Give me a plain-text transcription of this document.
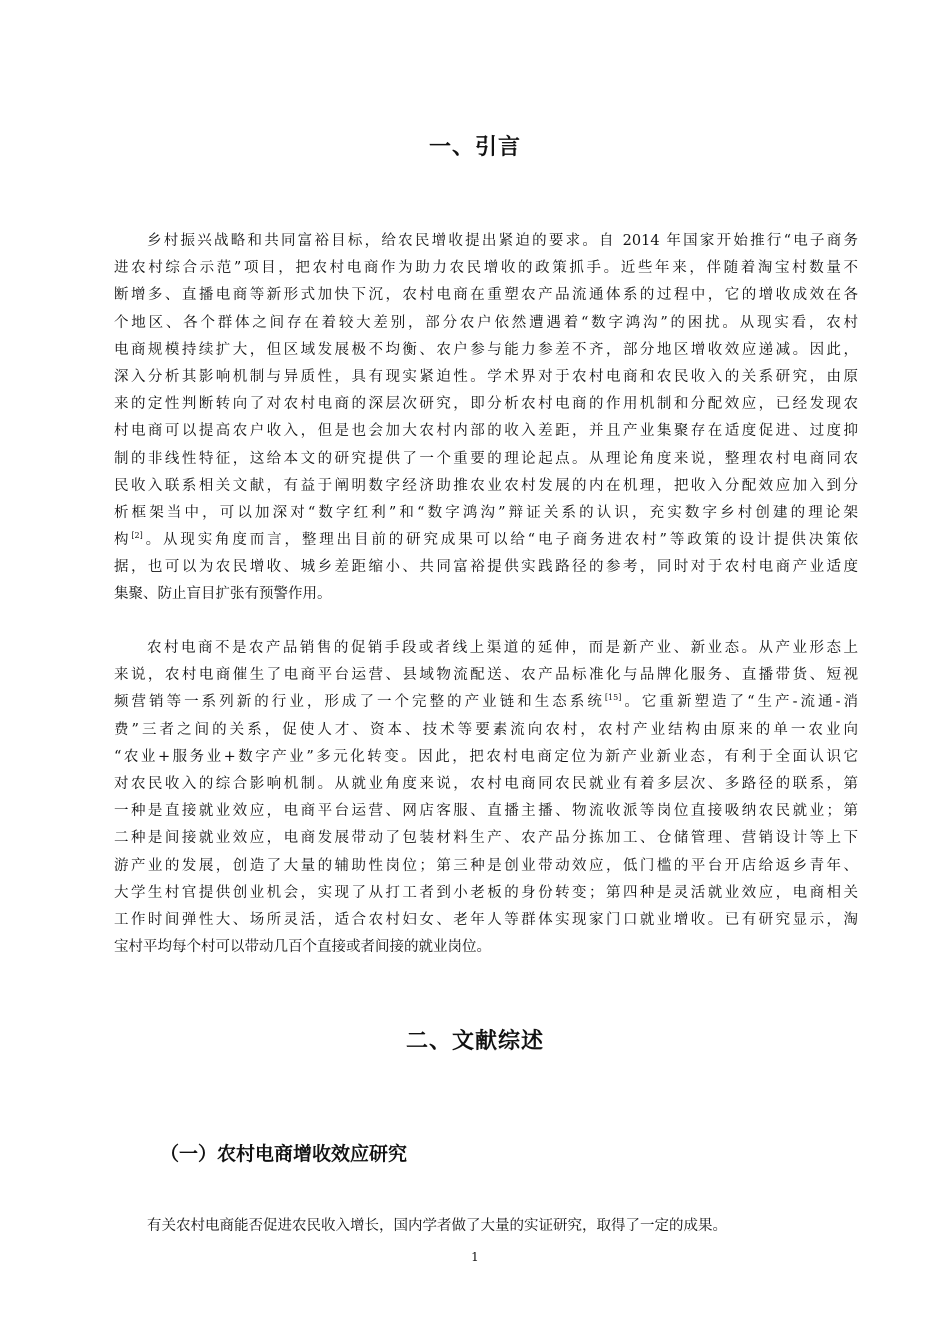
一、引言
乡村振兴战略和共同富裕目标，给农民增收提出紧迫的要求。自 2014 年国家开始推行“电子商务
进农村综合示范”项目，把农村电商作为助力农民增收的政策抓手。近些年来，伴随着淘宝村数量不
断增多、直播电商等新形式加快下沉，农村电商在重塑农产品流通体系的过程中，它的增收成效在各
个地区、各个群体之间存在着较大差别，部分农户依然遭遇着“数字鸿沟”的困扰。从现实看，农村
电商规模持续扩大，但区域发展极不均衡、农户参与能力参差不齐，部分地区增收效应递减。因此，
深入分析其影响机制与异质性，具有现实紧迫性。学术界对于农村电商和农民收入的关系研究，由原
来的定性判断转向了对农村电商的深层次研究，即分析农村电商的作用机制和分配效应，已经发现农
村电商可以提高农户收入，但是也会加大农村内部的收入差距，并且产业集聚存在适度促进、过度抑
制的非线性特征，这给本文的研究提供了一个重要的理论起点。从理论角度来说，整理农村电商同农
民收入联系相关文献，有益于阐明数字经济助推农业农村发展的内在机理，把收入分配效应加入到分
析框架当中，可以加深对“数字红利”和“数字鸿沟”辩证关系的认识，充实数字乡村创建的理论架
构[2]。从现实角度而言，整理出目前的研究成果可以给“电子商务进农村”等政策的设计提供决策依
据，也可以为农民增收、城乡差距缩小、共同富裕提供实践路径的参考，同时对于农村电商产业适度
集聚、防止盲目扩张有预警作用。
农村电商不是农产品销售的促销手段或者线上渠道的延伸，而是新产业、新业态。从产业形态上
来说，农村电商催生了电商平台运营、县域物流配送、农产品标准化与品牌化服务、直播带货、短视
频营销等一系列新的行业，形成了一个完整的产业链和生态系统[15]。它重新塑造了“生产-流通-消
费”三者之间的关系，促使人才、资本、技术等要素流向农村，农村产业结构由原来的单一农业向
“农业+服务业+数字产业”多元化转变。因此，把农村电商定位为新产业新业态，有利于全面认识它
对农民收入的综合影响机制。从就业角度来说，农村电商同农民就业有着多层次、多路径的联系，第
一种是直接就业效应，电商平台运营、网店客服、直播主播、物流收派等岗位直接吸纳农民就业；第
二种是间接就业效应，电商发展带动了包装材料生产、农产品分拣加工、仓储管理、营销设计等上下
游产业的发展，创造了大量的辅助性岗位；第三种是创业带动效应，低门槛的平台开店给返乡青年、
大学生村官提供创业机会，实现了从打工者到小老板的身份转变；第四种是灵活就业效应，电商相关
工作时间弹性大、场所灵活，适合农村妇女、老年人等群体实现家门口就业增收。已有研究显示，淘
宝村平均每个村可以带动几百个直接或者间接的就业岗位。
二、文献综述
（一）农村电商增收效应研究
有关农村电商能否促进农民收入增长，国内学者做了大量的实证研究，取得了一定的成果。
1
